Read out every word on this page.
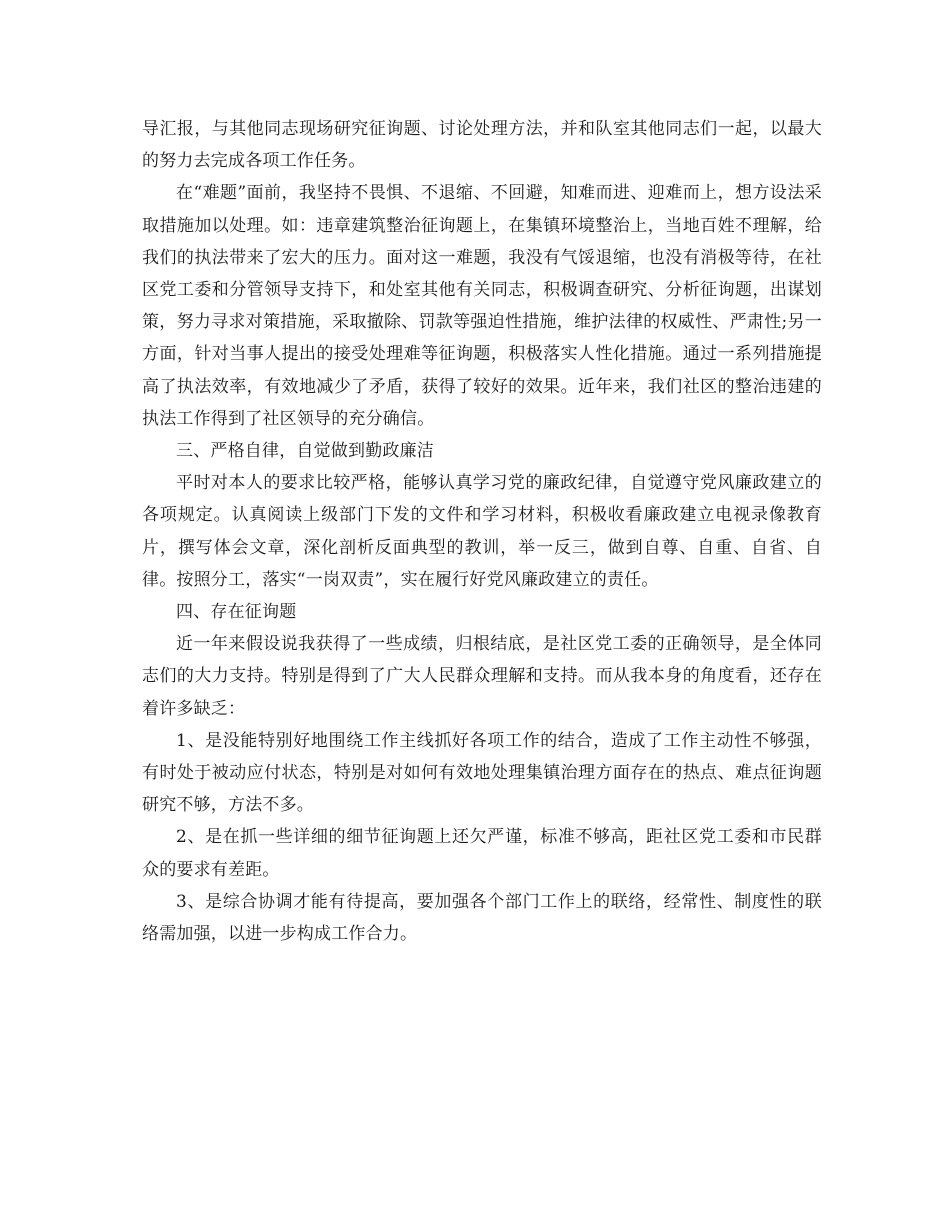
导汇报，与其他同志现场研究征询题、讨论处理方法，并和队室其他同志们一起，以最大的努力去完成各项工作任务。

在“难题”面前，我坚持不畏惧、不退缩、不回避，知难而进、迎难而上，想方设法采取措施加以处理。如：违章建筑整治征询题上，在集镇环境整治上，当地百姓不理解，给我们的执法带来了宏大的压力。面对这一难题，我没有气馁退缩，也没有消极等待，在社区党工委和分管领导支持下，和处室其他有关同志，积极调查研究、分析征询题，出谋划策，努力寻求对策措施，采取撤除、罚款等强迫性措施，维护法律的权威性、严肃性;另一方面，针对当事人提出的接受处理难等征询题，积极落实人性化措施。通过一系列措施提高了执法效率，有效地减少了矛盾，获得了较好的效果。近年来，我们社区的整治违建的执法工作得到了社区领导的充分确信。

三、严格自律，自觉做到勤政廉洁

平时对本人的要求比较严格，能够认真学习党的廉政纪律，自觉遵守党风廉政建立的各项规定。认真阅读上级部门下发的文件和学习材料，积极收看廉政建立电视录像教育片，撰写体会文章，深化剖析反面典型的教训，举一反三，做到自尊、自重、自省、自律。按照分工，落实“一岗双责”，实在履行好党风廉政建立的责任。

四、存在征询题

近一年来假设说我获得了一些成绩，归根结底，是社区党工委的正确领导，是全体同志们的大力支持。特别是得到了广大人民群众理解和支持。而从我本身的角度看，还存在着许多缺乏：

1、是没能特别好地围绕工作主线抓好各项工作的结合，造成了工作主动性不够强，有时处于被动应付状态，特别是对如何有效地处理集镇治理方面存在的热点、难点征询题研究不够，方法不多。

2、是在抓一些详细的细节征询题上还欠严谨，标准不够高，距社区党工委和市民群众的要求有差距。

3、是综合协调才能有待提高，要加强各个部门工作上的联络，经常性、制度性的联络需加强，以进一步构成工作合力。
